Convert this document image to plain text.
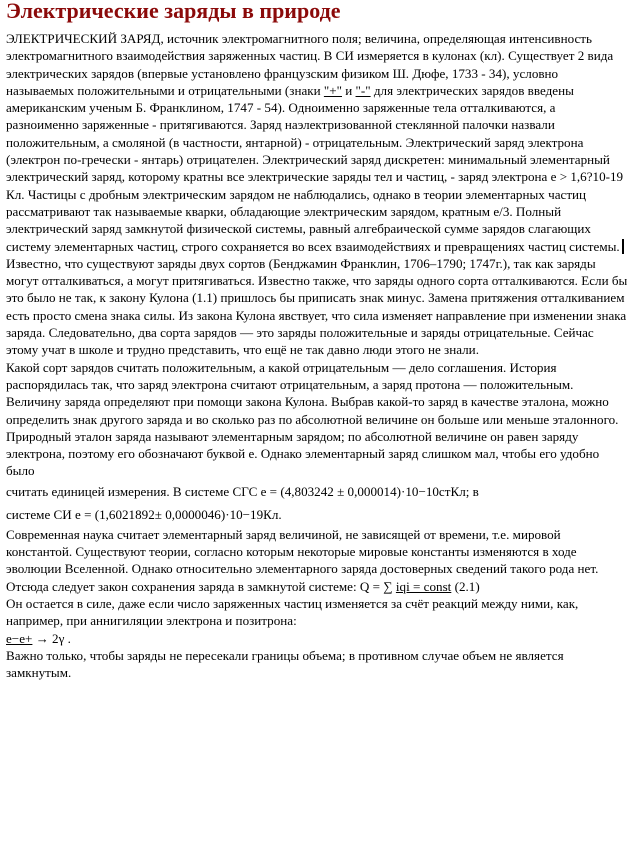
Электрические заряды в природе

ЭЛЕКТРИЧЕСКИЙ ЗАРЯД, источник электромагнитного поля; величина, определяющая интенсивность электромагнитного взаимодействия заряженных частиц. В СИ измеряется в кулонах (кл). Существует 2 вида электрических зарядов (впервые установлено французским физиком Ш. Дюфе, 1733 - 34), условно называемых положительными и отрицательными (знаки "+" и "-" для электрических зарядов введены американским ученым Б. Франклином, 1747 - 54). Одноименно заряженные тела отталкиваются, а разноименно заряженные - притягиваются. Заряд наэлектризованной стеклянной палочки назвали положительным, а смоляной (в частности, янтарной) - отрицательным. Электрический заряд электрона (электрон по-гречески - янтарь) отрицателен. Электрический заряд дискретен: минимальный элементарный электрический заряд, которому кратны все электрические заряды тел и частиц, - заряд электрона е > 1,6?10-19 Кл. Частицы с дробным электрическим зарядом не наблюдались, однако в теории элементарных частиц рассматривают так называемые кварки, обладающие электрическим зарядом, кратным е/3. Полный электрический заряд замкнутой физической системы, равный алгебраической сумме зарядов слагающих систему элементарных частиц, строго сохраняется во всех взаимодействиях и превращениях частиц системы.

Известно, что существуют заряды двух сортов (Бенджамин Франклин, 1706–1790; 1747г.), так как заряды могут отталкиваться, а могут притягиваться. Известно также, что заряды одного сорта отталкиваются. Если бы это было не так, к закону Кулона (1.1) пришлось бы приписать знак минус. Замена притяжения отталкиванием есть просто смена знака силы. Из закона Кулона явствует, что сила изменяет направление при изменении знака заряда. Следовательно, два сорта зарядов — это заряды положительные и заряды отрицательные. Сейчас этому учат в школе и трудно представить, что ещё не так давно люди этого не знали.

Какой сорт зарядов считать положительным, а какой отрицательным — дело соглашения. История распорядилась так, что заряд электрона считают отрицательным, а заряд протона — положительным.

Величину заряда определяют при помощи закона Кулона. Выбрав какой-то заряд в качестве эталона, можно определить знак другого заряда и во сколько раз по абсолютной величине он больше или меньше эталонного. Природный эталон заряда называют элементарным зарядом; по абсолютной величине он равен заряду электрона, поэтому его обозначают буквой е. Однако элементарный заряд слишком мал, чтобы его удобно было

считать единицей измерения. В системе СГС е = (4,803242 ± 0,000014)·10−10стКл; в

системе СИ е = (1,6021892± 0,0000046)·10−19Кл.

Современная наука считает элементарный заряд величиной, не зависящей от времени, т.е. мировой константой. Существуют теории, согласно которым некоторые мировые константы изменяются в ходе эволюции Вселенной. Однако относительно элементарного заряда достоверных сведений такого рода нет. Отсюда следует закон сохранения заряда в замкнутой системе: Q = ∑ iqi = const (2.1)

Он остается в силе, даже если число заряженных частиц изменяется за счёт реакций между ними, как, например, при аннигиляции электрона и позитрона:

e−e+ → 2γ .

Важно только, чтобы заряды не пересекали границы объема; в противном случае объем не является замкнутым.
